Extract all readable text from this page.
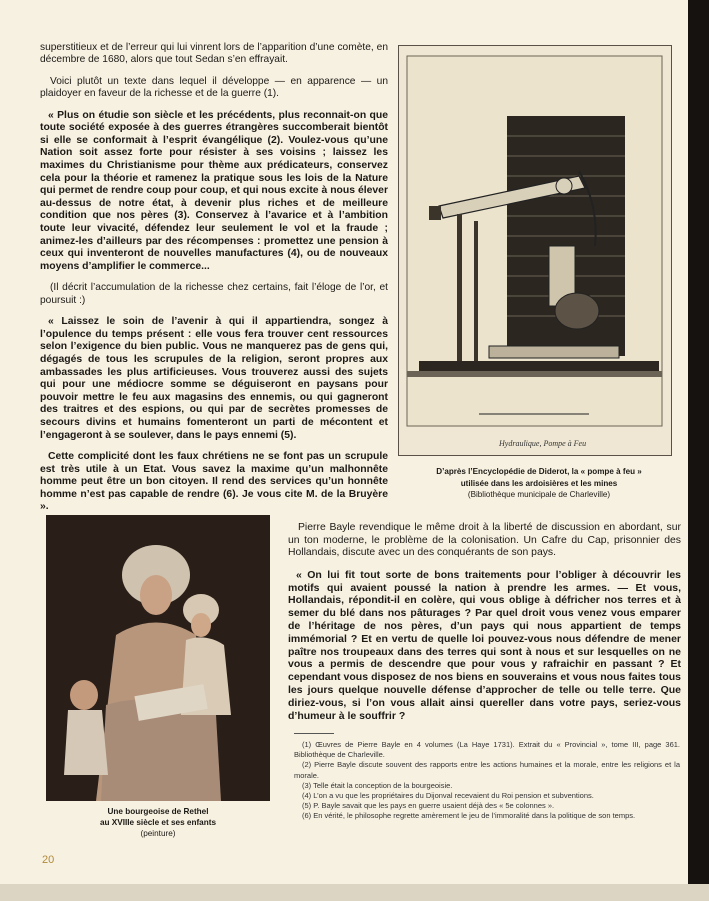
superstitieux et de l’erreur qui lui vinrent lors de l’apparition d’une comète, en décembre de 1680, alors que tout Sedan s’en effrayait.

Voici plutôt un texte dans lequel il développe — en apparence — un plaidoyer en faveur de la richesse et de la guerre (1).

« Plus on étudie son siècle et les précédents, plus reconnait-on que toute société exposée à des guerres étrangères succomberait bientôt si elle se conformait à l’esprit évangélique (2). Voulez-vous qu’une Nation soit assez forte pour résister à ses voisins ; laissez les maximes du Christianisme pour thème aux prédicateurs, conservez cela pour la théorie et ramenez la pratique sous les lois de la Nature qui permet de rendre coup pour coup, et qui nous excite à nous élever au-dessus de notre état, à devenir plus riches et de meilleure condition que nos pères (3). Conservez à l’avarice et à l’ambition toute leur vivacité, défendez leur seulement le vol et la fraude ; animez-les d’ailleurs par des récompenses : promettez une pension à ceux qui inventeront de nouvelles manufactures (4), ou de nouveaux moyens d’amplifier le commerce...

(Il décrit l’accumulation de la richesse chez certains, fait l’éloge de l’or, et poursuit :)

« Laissez le soin de l’avenir à qui il appartiendra, songez à l’opulence du temps présent : elle vous fera trouver cent ressources selon l’exigence du bien public. Vous ne manquerez pas de gens qui, dégagés de tous les scrupules de la religion, seront propres aux ambassades les plus artificieuses. Vous trouverez aussi des sujets qui pour une médiocre somme se déguiseront en paysans pour pouvoir mettre le feu aux magasins des ennemis, ou qui gagneront des traitres et des espions, ou qui par de secrètes promesses de secours divins et humains fomenteront un parti de mécontent et l’engageront à se soulever, dans le pays ennemi (5).

Cette complicité dont les faux chrétiens ne se font pas un scrupule est très utile à un Etat. Vous savez la maxime qu’un malhonnête homme peut être un bon citoyen. Il rend des services qu’un honnête homme n’est pas capable de rendre (6). Je vous cite M. de la Bruyère ».

Hydraulique, Pompe à Feu
D’après l’Encyclopédie de Diderot, la « pompe à feu »
utilisée dans les ardoisières et les mines
(Bibliothèque municipale de Charleville)
Une bourgeoise de Rethel
au XVIIIe siècle et ses enfants
(peinture)

Pierre Bayle revendique le même droit à la liberté de discussion en abordant, sur un ton moderne, le problème de la colonisation. Un Cafre du Cap, prisonnier des Hollandais, discute avec un des conquérants de son pays.

« On lui fit tout sorte de bons traitements pour l’obliger à découvrir les motifs qui avaient poussé la nation à prendre les armes. — Et vous, Hollandais, répondit-il en colère, qui vous oblige à défricher nos terres et à semer du blé dans nos pâturages ? Par quel droit vous venez vous emparer de l’héritage de nos pères, d’un pays qui nous appartient de temps immémorial ? Et en vertu de quelle loi pouvez-vous nous défendre de mener paître nos troupeaux dans des terres qui sont à nous et sur lesquelles on ne vous a permis de descendre que pour vous y rafraichir en passant ? Et cependant vous disposez de nos biens en souverains et vous nous faites tous les jours quelque nouvelle défense d’approcher de telle ou telle terre. Que diriez-vous, si l’on vous allait ainsi quereller dans votre pays, seriez-vous d’humeur à le souffrir ?

(1) Œuvres de Pierre Bayle en 4 volumes (La Haye 1731). Extrait du « Provincial », tome III, page 361. Bibliothèque de Charleville.
(2) Pierre Bayle discute souvent des rapports entre les actions humaines et la morale, entre les religions et la morale.
(3) Telle était la conception de la bourgeoisie.
(4) L’on a vu que les propriétaires du Dijonval recevaient du Roi pension et subventions.
(5) P. Bayle savait que les pays en guerre usaient déjà des « 5e colonnes ».
(6) En vérité, le philosophe regrette amèrement le jeu de l’immoralité dans la politique de son temps.
20
